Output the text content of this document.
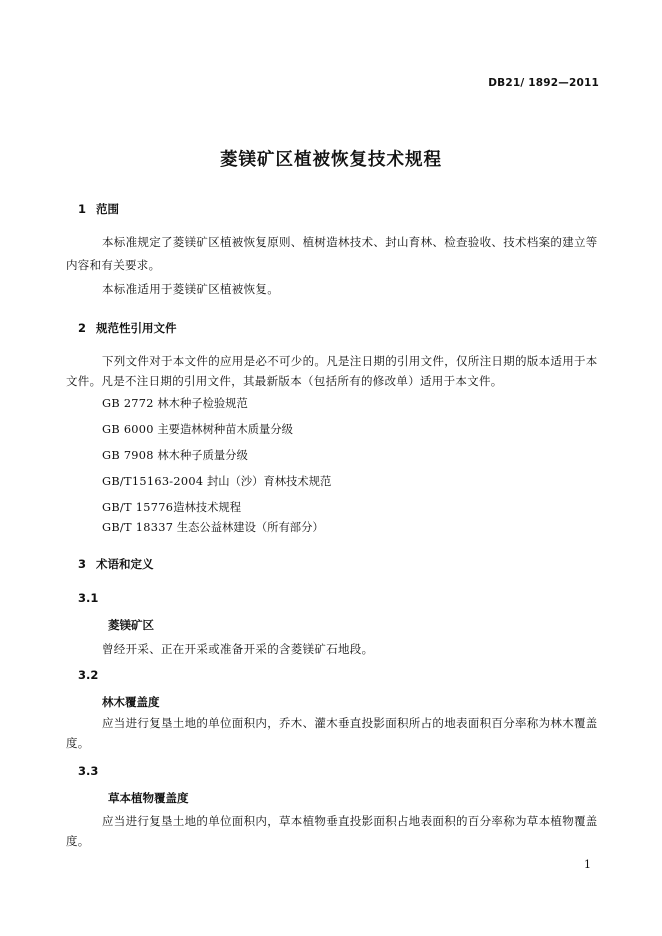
DB21/ 1892—2011
菱镁矿区植被恢复技术规程
1 范围
本标准规定了菱镁矿区植被恢复原则、植树造林技术、封山育林、检查验收、技术档案的建立等内容和有关要求。
本标准适用于菱镁矿区植被恢复。
2 规范性引用文件
下列文件对于本文件的应用是必不可少的。凡是注日期的引用文件，仅所注日期的版本适用于本文件。凡是不注日期的引用文件，其最新版本（包括所有的修改单）适用于本文件。
GB 2772 林木种子检验规范
GB 6000 主要造林树种苗木质量分级
GB 7908 林木种子质量分级
GB/T15163-2004 封山（沙）育林技术规范
GB/T 15776造林技术规程
GB/T 18337 生态公益林建设（所有部分）
3 术语和定义
3.1
菱镁矿区
曾经开采、正在开采或准备开采的含菱镁矿石地段。
3.2
林木覆盖度
应当进行复垦土地的单位面积内，乔木、灌木垂直投影面积所占的地表面积百分率称为林木覆盖度。
3.3
草本植物覆盖度
应当进行复垦土地的单位面积内，草本植物垂直投影面积占地表面积的百分率称为草本植物覆盖度。
1
